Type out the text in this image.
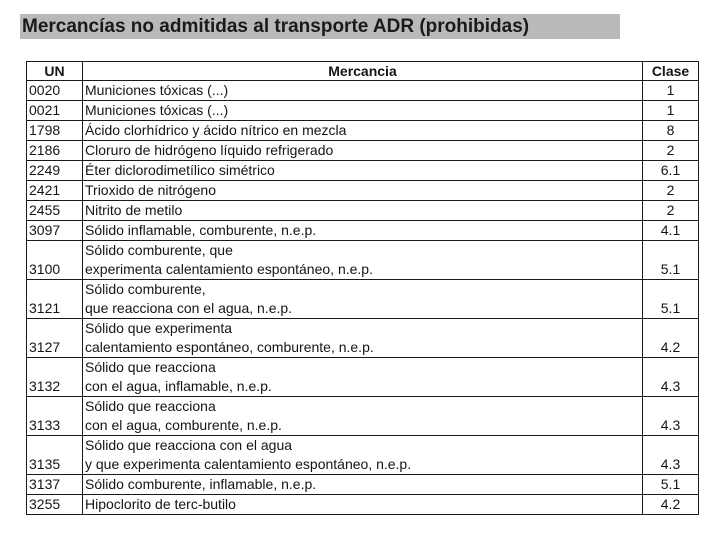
Mercancías no admitidas al transporte ADR (prohibidas)
UN	Mercancia	Clase
0020	Municiones tóxicas (...)	1
0021	Municiones tóxicas (...)	1
1798	Ácido clorhídrico y ácido nítrico en mezcla	8
2186	Cloruro de hidrógeno líquido refrigerado	2
2249	Éter diclorodimetílico simétrico	6.1
2421	Trioxido de nitrógeno	2
2455	Nitrito de metilo	2
3097	Sólido inflamable, comburente, n.e.p.	4.1
3100	Sólido comburente, que
experimenta calentamiento espontáneo, n.e.p.	5.1
3121	Sólido comburente,
que reacciona con el agua, n.e.p.	5.1
3127	Sólido que experimenta
calentamiento espontáneo, comburente, n.e.p.	4.2
3132	Sólido que reacciona
con el agua, inflamable, n.e.p.	4.3
3133	Sólido que reacciona
con el agua, comburente, n.e.p.	4.3
3135	Sólido que reacciona con el agua
y que experimenta calentamiento espontáneo, n.e.p.	4.3
3137	Sólido comburente, inflamable, n.e.p.	5.1
3255	Hipoclorito de terc-butilo	4.2
